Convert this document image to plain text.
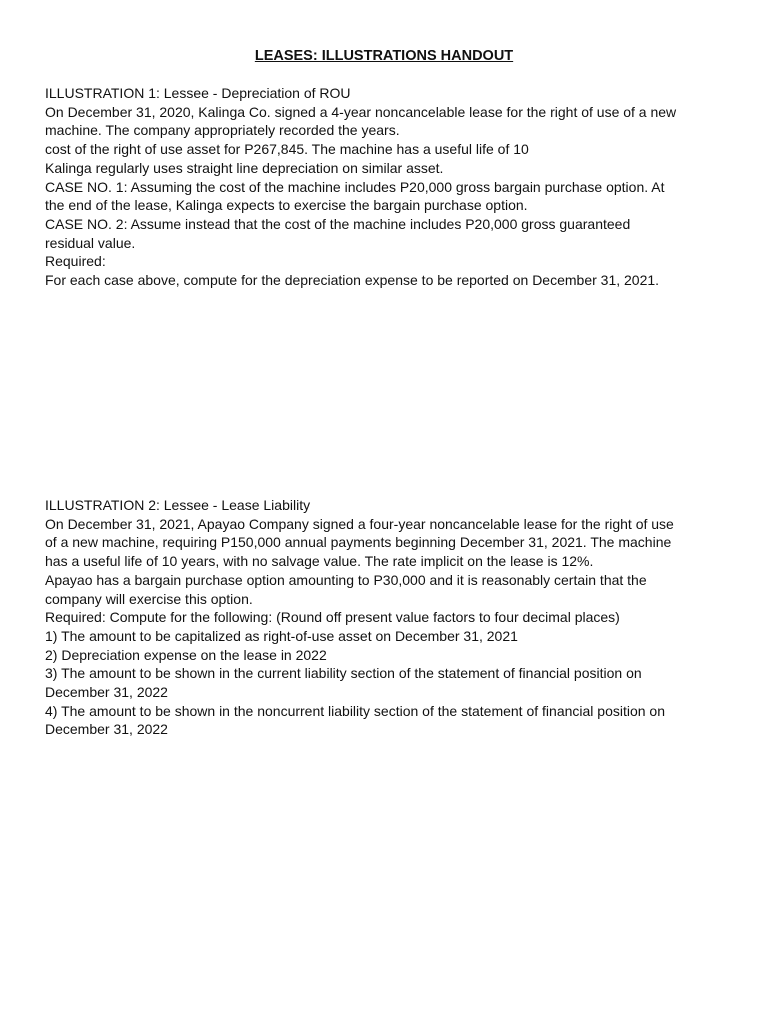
LEASES: ILLUSTRATIONS HANDOUT

ILLUSTRATION 1: Lessee - Depreciation of ROU

On December 31, 2020, Kalinga Co. signed a 4-year noncancelable lease for the right of use of a new

machine. The company appropriately recorded the years.

cost of the right of use asset for P267,845. The machine has a useful life of 10

Kalinga regularly uses straight line depreciation on similar asset.

CASE NO. 1: Assuming the cost of the machine includes P20,000 gross bargain purchase option. At

the end of the lease, Kalinga expects to exercise the bargain purchase option.

CASE NO. 2: Assume instead that the cost of the machine includes P20,000 gross guaranteed

residual value.

Required:

For each case above, compute for the depreciation expense to be reported on December 31, 2021.

ILLUSTRATION 2: Lessee - Lease Liability

On December 31, 2021, Apayao Company signed a four-year noncancelable lease for the right of use

of a new machine, requiring P150,000 annual payments beginning December 31, 2021. The machine

has a useful life of 10 years, with no salvage value. The rate implicit on the lease is 12%.

Apayao has a bargain purchase option amounting to P30,000 and it is reasonably certain that the

company will exercise this option.

Required: Compute for the following: (Round off present value factors to four decimal places)

1) The amount to be capitalized as right-of-use asset on December 31, 2021

2) Depreciation expense on the lease in 2022

3) The amount to be shown in the current liability section of the statement of financial position on

December 31, 2022

4) The amount to be shown in the noncurrent liability section of the statement of financial position on

December 31, 2022
